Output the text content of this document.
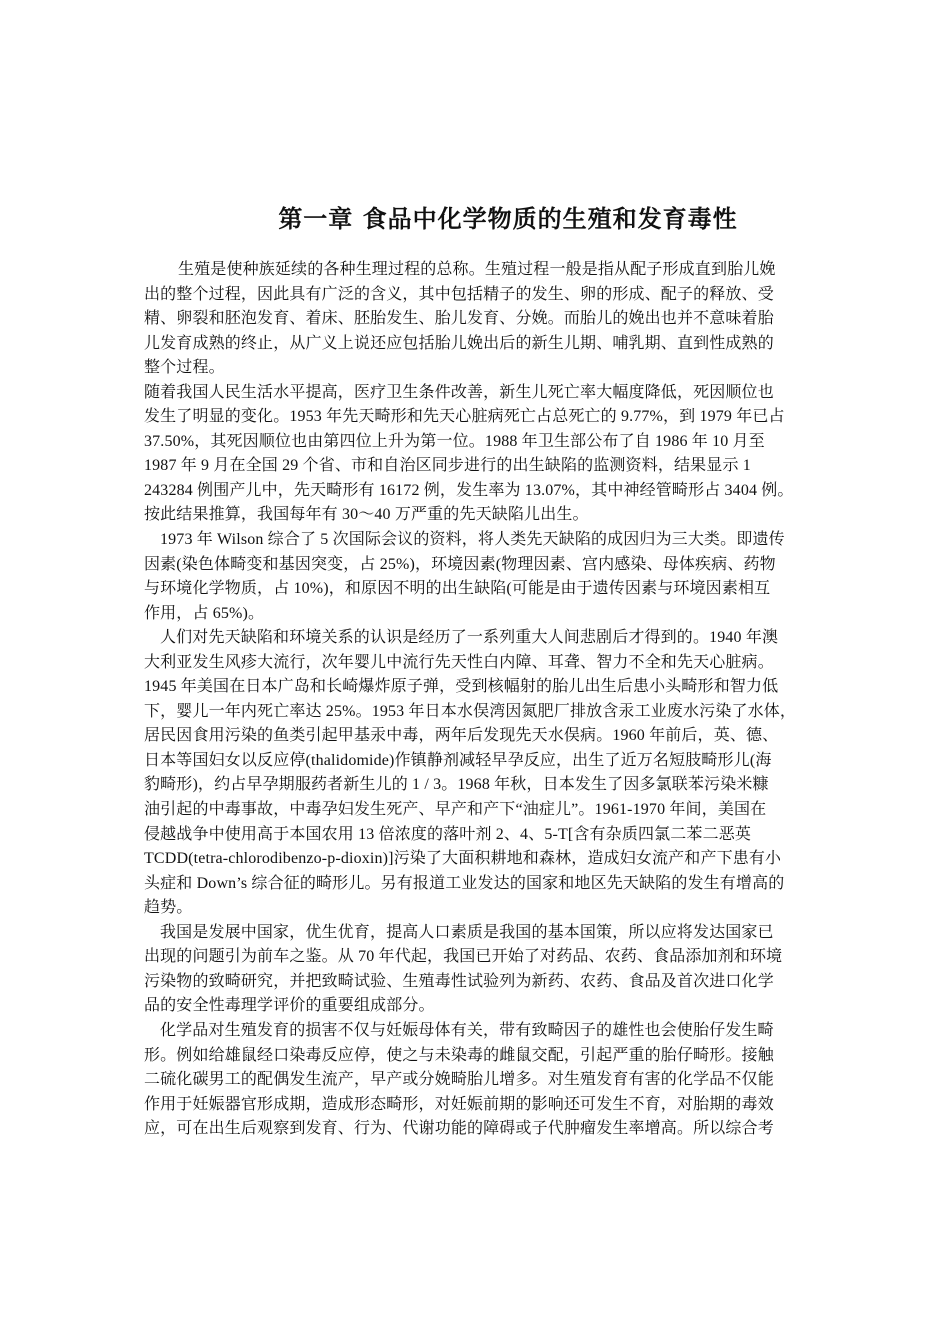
第一章 食品中化学物质的生殖和发育毒性
生殖是使种族延续的各种生理过程的总称。生殖过程一般是指从配子形成直到胎儿娩
出的整个过程，因此具有广泛的含义，其中包括精子的发生、卵的形成、配子的释放、受
精、卵裂和胚泡发育、着床、胚胎发生、胎儿发育、分娩。而胎儿的娩出也并不意味着胎
儿发育成熟的终止，从广义上说还应包括胎儿娩出后的新生儿期、哺乳期、直到性成熟的
整个过程。
随着我国人民生活水平提高，医疗卫生条件改善，新生儿死亡率大幅度降低，死因顺位也
发生了明显的变化。1953 年先天畸形和先天心脏病死亡占总死亡的 9.77%，到 1979 年已占
37.50%，其死因顺位也由第四位上升为第一位。1988 年卫生部公布了自 1986 年 10 月至
1987 年 9 月在全国 29 个省、市和自治区同步进行的出生缺陷的监测资料，结果显示 1
243284 例围产儿中，先天畸形有 16172 例，发生率为 13.07%，其中神经管畸形占 3404 例。
按此结果推算，我国每年有 30～40 万严重的先天缺陷儿出生。
1973 年 Wilson 综合了 5 次国际会议的资料，将人类先天缺陷的成因归为三大类。即遗传
因素(染色体畸变和基因突变，占 25%)，环境因素(物理因素、宫内感染、母体疾病、药物
与环境化学物质，占 10%)，和原因不明的出生缺陷(可能是由于遗传因素与环境因素相互
作用，占 65%)。
人们对先天缺陷和环境关系的认识是经历了一系列重大人间悲剧后才得到的。1940 年澳
大利亚发生风疹大流行，次年婴儿中流行先天性白内障、耳聋、智力不全和先天心脏病。
1945 年美国在日本广岛和长崎爆炸原子弹，受到核幅射的胎儿出生后患小头畸形和智力低
下，婴儿一年内死亡率达 25%。1953 年日本水俣湾因氮肥厂排放含汞工业废水污染了水体，
居民因食用污染的鱼类引起甲基汞中毒，两年后发现先天水俣病。1960 年前后，英、德、
日本等国妇女以反应停(thalidomide)作镇静剂减轻早孕反应，出生了近万名短肢畸形儿(海
豹畸形)，约占早孕期服药者新生儿的 1 / 3。1968 年秋，日本发生了因多氯联苯污染米糠
油引起的中毒事故，中毒孕妇发生死产、早产和产下“油症儿”。1961-1970 年间，美国在
侵越战争中使用高于本国农用 13 倍浓度的落叶剂 2、4、5-T[含有杂质四氯二苯二恶英
TCDD(tetra-chlorodibenzo-p-dioxin)]污染了大面积耕地和森林，造成妇女流产和产下患有小
头症和 Down’s 综合征的畸形儿。另有报道工业发达的国家和地区先天缺陷的发生有增高的
趋势。
我国是发展中国家，优生优育，提高人口素质是我国的基本国策，所以应将发达国家已
出现的问题引为前车之鉴。从 70 年代起，我国已开始了对药品、农药、食品添加剂和环境
污染物的致畸研究，并把致畸试验、生殖毒性试验列为新药、农药、食品及首次进口化学
品的安全性毒理学评价的重要组成部分。
化学品对生殖发育的损害不仅与妊娠母体有关，带有致畸因子的雄性也会使胎仔发生畸
形。例如给雄鼠经口染毒反应停，使之与未染毒的雌鼠交配，引起严重的胎仔畸形。接触
二硫化碳男工的配偶发生流产，早产或分娩畸胎儿增多。对生殖发育有害的化学品不仅能
作用于妊娠器官形成期，造成形态畸形，对妊娠前期的影响还可发生不育，对胎期的毒效
应，可在出生后观察到发育、行为、代谢功能的障碍或子代肿瘤发生率增高。所以综合考
